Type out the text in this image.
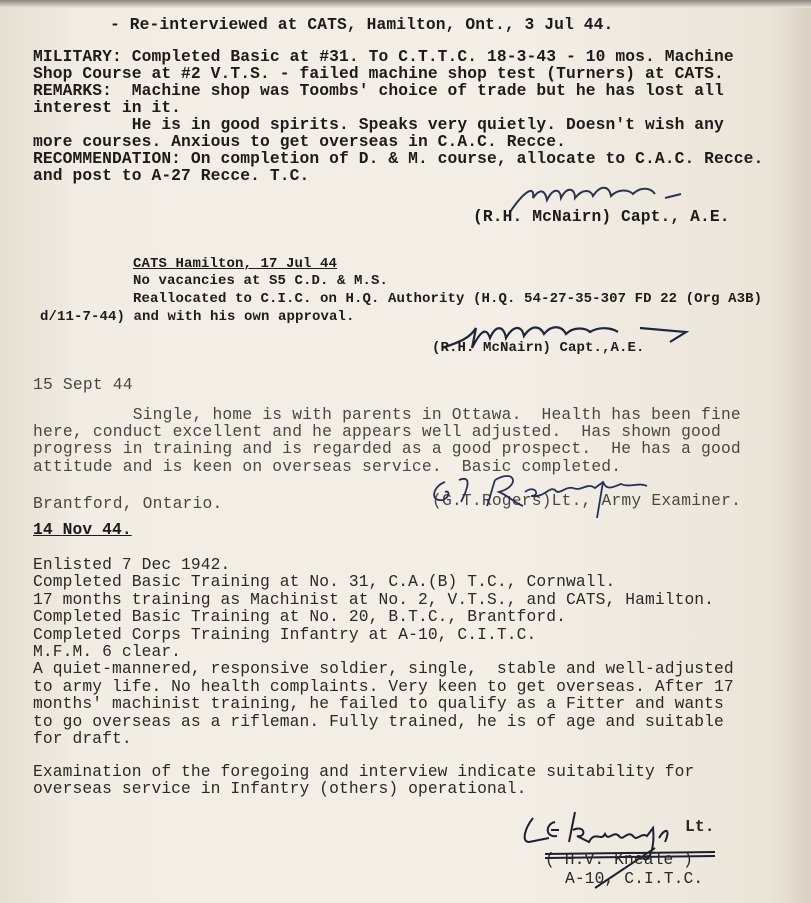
- Re-interviewed at CATS, Hamilton, Ont., 3 Jul 44.
MILITARY: Completed Basic at #31. To C.T.T.C. 18-3-43 - 10 mos. Machine
Shop Course at #2 V.T.S. - failed machine shop test (Turners) at CATS.
REMARKS:  Machine shop was Toombs' choice of trade but he has lost all
interest in it.
He is in good spirits. Speaks very quietly. Doesn't wish any
more courses. Anxious to get overseas in C.A.C. Recce.
RECOMMENDATION: On completion of D. & M. course, allocate to C.A.C. Recce.
and post to A-27 Recce. T.C.
(R.H. McNairn) Capt., A.E.
CATS Hamilton, 17 Jul 44
No vacancies at S5 C.D. & M.S.
Reallocated to C.I.C. on H.Q. Authority (H.Q. 54-27-35-307 FD 22 (Org A3B)
d/11-7-44) and with his own approval.
(R.H. McNairn) Capt.,A.E.
15 Sept 44
Single, home is with parents in Ottawa.  Health has been fine
here, conduct excellent and he appears well adjusted.  Has shown good
progress in training and is regarded as a good prospect.  He has a good
attitude and is keen on overseas service.  Basic completed.
Brantford, Ontario.	(G.T.Rogers)Lt., Army Examiner.
14 Nov 44.
Enlisted 7 Dec 1942.
Completed Basic Training at No. 31, C.A.(B) T.C., Cornwall.
17 months training as Machinist at No. 2, V.T.S., and CATS, Hamilton.
Completed Basic Training at No. 20, B.T.C., Brantford.
Completed Corps Training Infantry at A-10, C.I.T.C.
M.F.M. 6 clear.
A quiet-mannered, responsive soldier, single,  stable and well-adjusted
to army life. No health complaints. Very keen to get overseas. After 17
months' machinist training, he failed to qualify as a Fitter and wants
to go overseas as a rifleman. Fully trained, he is of age and suitable
for draft.
Examination of the foregoing and interview indicate suitability for
overseas service in Infantry (others) operational.
Lt.
( H.V. Kneale )
A-10, C.I.T.C.
